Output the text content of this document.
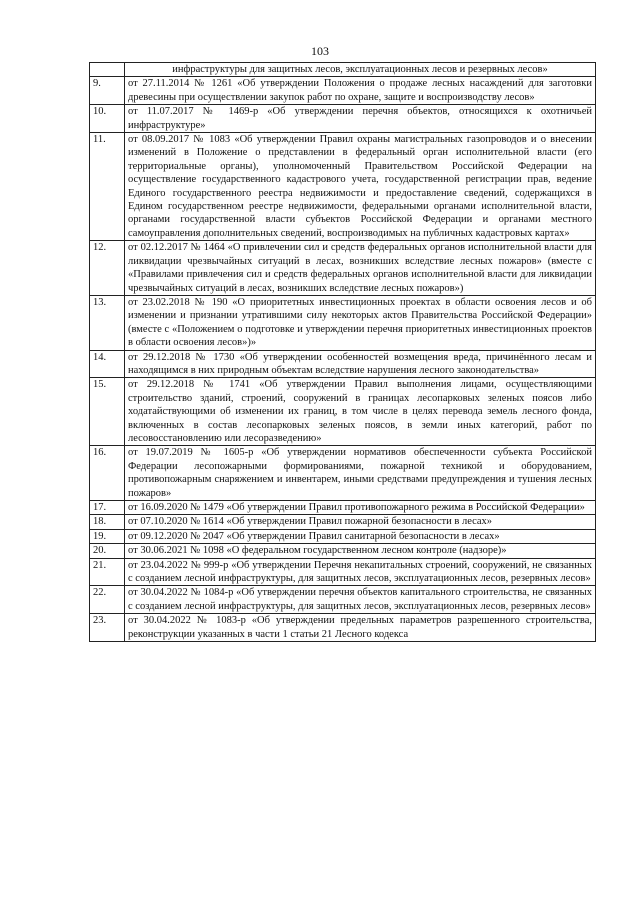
103
	инфраструктуры для защитных лесов, эксплуатационных лесов и резервных лесов»
9.	от 27.11.2014 № 1261 «Об утверждении Положения о продаже лесных насаждений для заготовки древесины при осуществлении закупок работ по охране, защите и воспроизводству лесов»
10.	от 11.07.2017 № 1469-р «Об утверждении перечня объектов, относящихся к охотничьей инфраструктуре»
11.	от 08.09.2017 № 1083 «Об утверждении Правил охраны магистральных газопроводов и о внесении изменений в Положение о представлении в федеральный орган исполнительной власти (его территориальные органы), уполномоченный Правительством Российской Федерации на осуществление государственного кадастрового учета, государственной регистрации прав, ведение Единого государственного реестра недвижимости и предоставление сведений, содержащихся в Едином государственном реестре недвижимости, федеральными органами исполнительной власти, органами государственной власти субъектов Российской Федерации и органами местного самоуправления дополнительных сведений, воспроизводимых на публичных кадастровых картах»
12.	от 02.12.2017 № 1464 «О привлечении сил и средств федеральных органов исполнительной власти для ликвидации чрезвычайных ситуаций в лесах, возникших вследствие лесных пожаров» (вместе с «Правилами привлечения сил и средств федеральных органов исполнительной власти для ликвидации чрезвычайных ситуаций в лесах, возникших вследствие лесных пожаров»)
13.	от 23.02.2018 № 190 «О приоритетных инвестиционных проектах в области освоения лесов и об изменении и признании утратившими силу некоторых актов Правительства Российской Федерации» (вместе с «Положением о подготовке и утверждении перечня приоритетных инвестиционных проектов в области освоения лесов»)»
14.	от 29.12.2018 № 1730 «Об утверждении особенностей возмещения вреда, причинённого лесам и находящимся в них природным объектам вследствие нарушения лесного законодательства»
15.	от 29.12.2018 № 1741 «Об утверждении Правил выполнения лицами, осуществляющими строительство зданий, строений, сооружений в границах лесопарковых зеленых поясов либо ходатайствующими об изменении их границ, в том числе в целях перевода земель лесного фонда, включенных в состав лесопарковых зеленых поясов, в земли иных категорий, работ по лесовосстановлению или лесоразведению»
16.	от 19.07.2019 № 1605-р «Об утверждении нормативов обеспеченности субъекта Российской Федерации лесопожарными формированиями, пожарной техникой и оборудованием, противопожарным снаряжением и инвентарем, иными средствами предупреждения и тушения лесных пожаров»
17.	от 16.09.2020 № 1479 «Об утверждении Правил противопожарного режима в Российской Федерации»
18.	от 07.10.2020 № 1614 «Об утверждении Правил пожарной безопасности в лесах»
19.	от 09.12.2020 № 2047 «Об утверждении Правил санитарной безопасности в лесах»
20.	от 30.06.2021 № 1098 «О федеральном государственном лесном контроле (надзоре)»
21.	от 23.04.2022 № 999-р «Об утверждении Перечня некапитальных строений, сооружений, не связанных с созданием лесной инфраструктуры, для защитных лесов, эксплуатационных лесов, резервных лесов»
22.	от 30.04.2022 № 1084-р «Об утверждении перечня объектов капитального строительства, не связанных с созданием лесной инфраструктуры, для защитных лесов, эксплуатационных лесов, резервных лесов»
23.	от 30.04.2022 № 1083-р «Об утверждении предельных параметров разрешенного строительства, реконструкции указанных в части 1 статьи 21 Лесного кодекса
